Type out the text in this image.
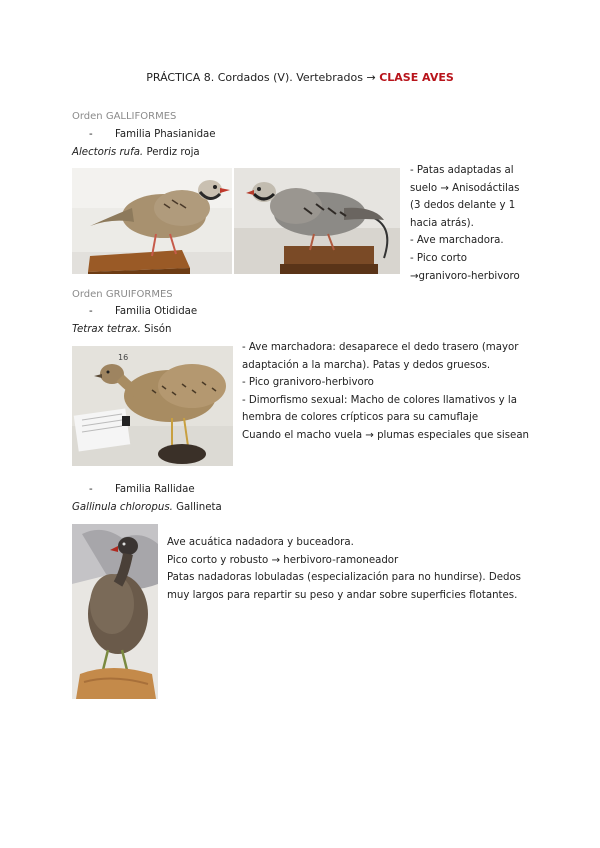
PRÁCTICA 8. Cordados (V). Vertebrados → CLASE AVES
Orden GALLIFORMES
- Familia Phasianidae
Alectoris rufa. Perdiz roja
- Patas adaptadas al
suelo → Anisodáctilas
(3 dedos delante y 1
hacia atrás).
- Ave marchadora.
- Pico corto
→granivoro-herbivoro
Orden GRUIFORMES
- Familia Otididae
Tetrax tetrax. Sisón
16
- Ave marchadora: desaparece el dedo trasero (mayor
adaptación a la marcha). Patas y dedos gruesos.
- Pico granivoro-herbivoro
- Dimorfismo sexual: Macho de colores llamativos y la
hembra de colores crípticos para su camuflaje
Cuando el macho vuela → plumas especiales que sisean
- Familia Rallidae
Gallinula chloropus. Gallineta
Ave acuática nadadora y buceadora.
Pico corto y robusto → herbivoro-ramoneador
Patas nadadoras lobuladas (especialización para no hundirse). Dedos
muy largos para repartir su peso y andar sobre superficies flotantes.
